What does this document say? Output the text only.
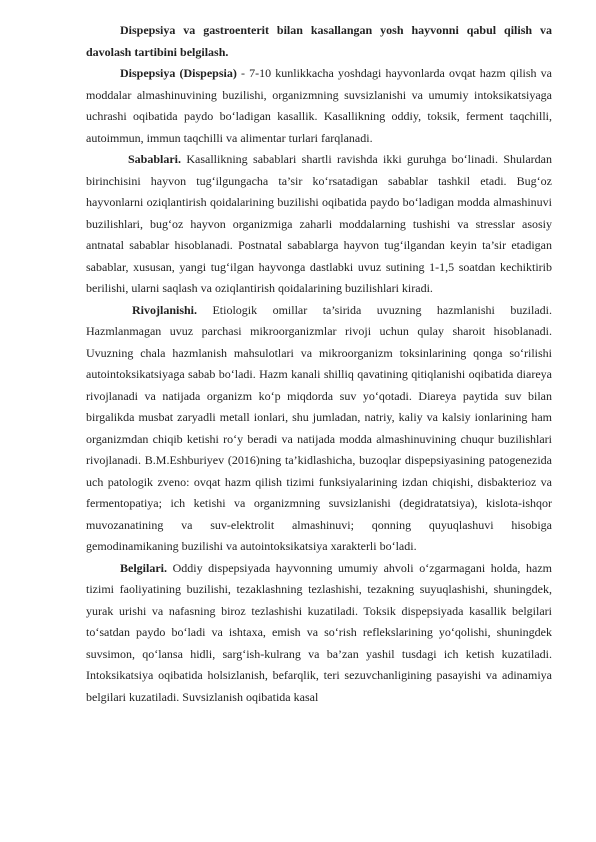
Dispepsiya va gastroenterit bilan kasallangan yosh hayvonni qabul qilish va davolash tartibini belgilash.

Dispepsiya (Dispepsia) - 7-10 kunlikkacha yoshdagi hayvonlarda ovqat hazm qilish va moddalar almashinuvining buzilishi, organizmning suvsizlanishi va umumiy intoksikatsiyaga uchrashi oqibatida paydo bo‘ladigan kasallik. Kasallikning oddiy, toksik, ferment taqchilli, autoimmun, immun taqchilli va alimentar turlari farqlanadi.

Sabablari. Kasallikning sabablari shartli ravishda ikki guruhga bo‘linadi. Shulardan birinchisini hayvon tug‘ilgungacha ta’sir ko‘rsatadigan sabablar tashkil etadi. Bug‘oz hayvonlarni oziqlantirish qoidalarining buzilishi oqibatida paydo bo‘ladigan modda almashinuvi buzilishlari, bug‘oz hayvon organizmiga zaharli moddalarning tushishi va stresslar asosiy antnatal sabablar hisoblanadi. Postnatal sabablarga hayvon tug‘ilgandan keyin ta’sir etadigan sabablar, xususan, yangi tug‘ilgan hayvonga dastlabki uvuz sutining 1-1,5 soatdan kechiktirib berilishi, ularni saqlash va oziqlantirish qoidalarining buzilishlari kiradi.

Rivojlanishi. Etiologik omillar ta’sirida uvuzning hazmlanishi buziladi. Hazmlanmagan uvuz parchasi mikroorganizmlar rivoji uchun qulay sharoit hisoblanadi. Uvuzning chala hazmlanish mahsulotlari va mikroorganizm toksinlarining qonga so‘rilishi autointoksikatsiyaga sabab bo‘ladi. Hazm kanali shilliq qavatining qitiqlanishi oqibatida diareya rivojlanadi va natijada organizm ko‘p miqdorda suv yo‘qotadi. Diareya paytida suv bilan birgalikda musbat zaryadli metall ionlari, shu jumladan, natriy, kaliy va kalsiy ionlarining ham organizmdan chiqib ketishi ro‘y beradi va natijada modda almashinuvining chuqur buzilishlari rivojlanadi. B.M.Eshburiyev (2016)ning ta’kidlashicha, buzoqlar dispepsiyasining patogenezida uch patologik zveno: ovqat hazm qilish tizimi funksiyalarining izdan chiqishi, disbakterioz va fermentopatiya; ich ketishi va organizmning suvsizlanishi (degidratatsiya), kislota-ishqor muvozanatining va suv-elektrolit almashinuvi; qonning quyuqlashuvi hisobiga gemodinamikaning buzilishi va autointoksikatsiya xarakterli bo‘ladi.

Belgilari. Oddiy dispepsiyada hayvonning umumiy ahvoli o‘zgarmagani holda, hazm tizimi faoliyatining buzilishi, tezaklashning tezlashishi, tezakning suyuqlashishi, shuningdek, yurak urishi va nafasning biroz tezlashishi kuzatiladi. Toksik dispepsiyada kasallik belgilari to‘satdan paydo bo‘ladi va ishtaxa, emish va so‘rish reflekslarining yo‘qolishi, shuningdek suvsimon, qo‘lansa hidli, sarg‘ish-kulrang va ba’zan yashil tusdagi ich ketish kuzatiladi. Intoksikatsiya oqibatida holsizlanish, befarqlik, teri sezuvchanligining pasayishi va adinamiya belgilari kuzatiladi. Suvsizlanish oqibatida kasal
